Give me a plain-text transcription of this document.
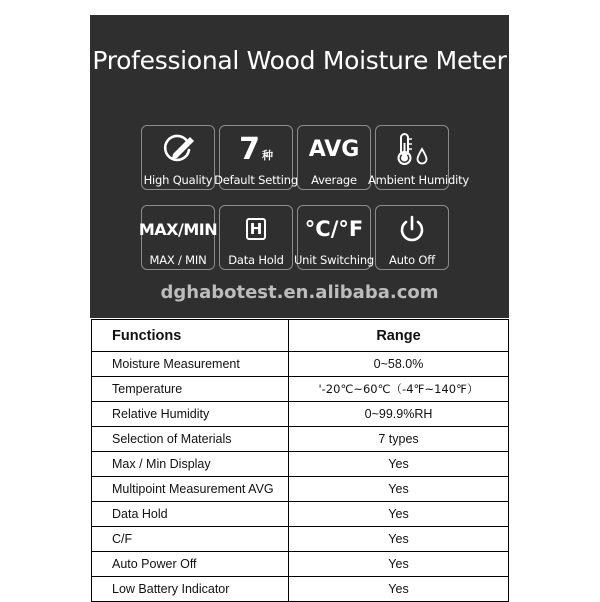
Professional Wood Moisture Meter
High Quality
7 种
Default Setting
AVG
Average Ambient Humidity
MAX/MIN
MAX / MIN
H
Data Hold
°C/°F
Unit Switching	Auto Off
dghabotest.en.alibaba.com
Functions	Range
Moisture Measurement	0~58.0%
Temperature	'-20℃~60℃（-4℉~140℉）
Relative Humidity	0~99.9%RH
Selection of Materials	7 types
Max / Min Display	Yes
Multipoint Measurement AVG	Yes
Data Hold	Yes
C/F	Yes
Auto Power Off	Yes
Low Battery Indicator	Yes
